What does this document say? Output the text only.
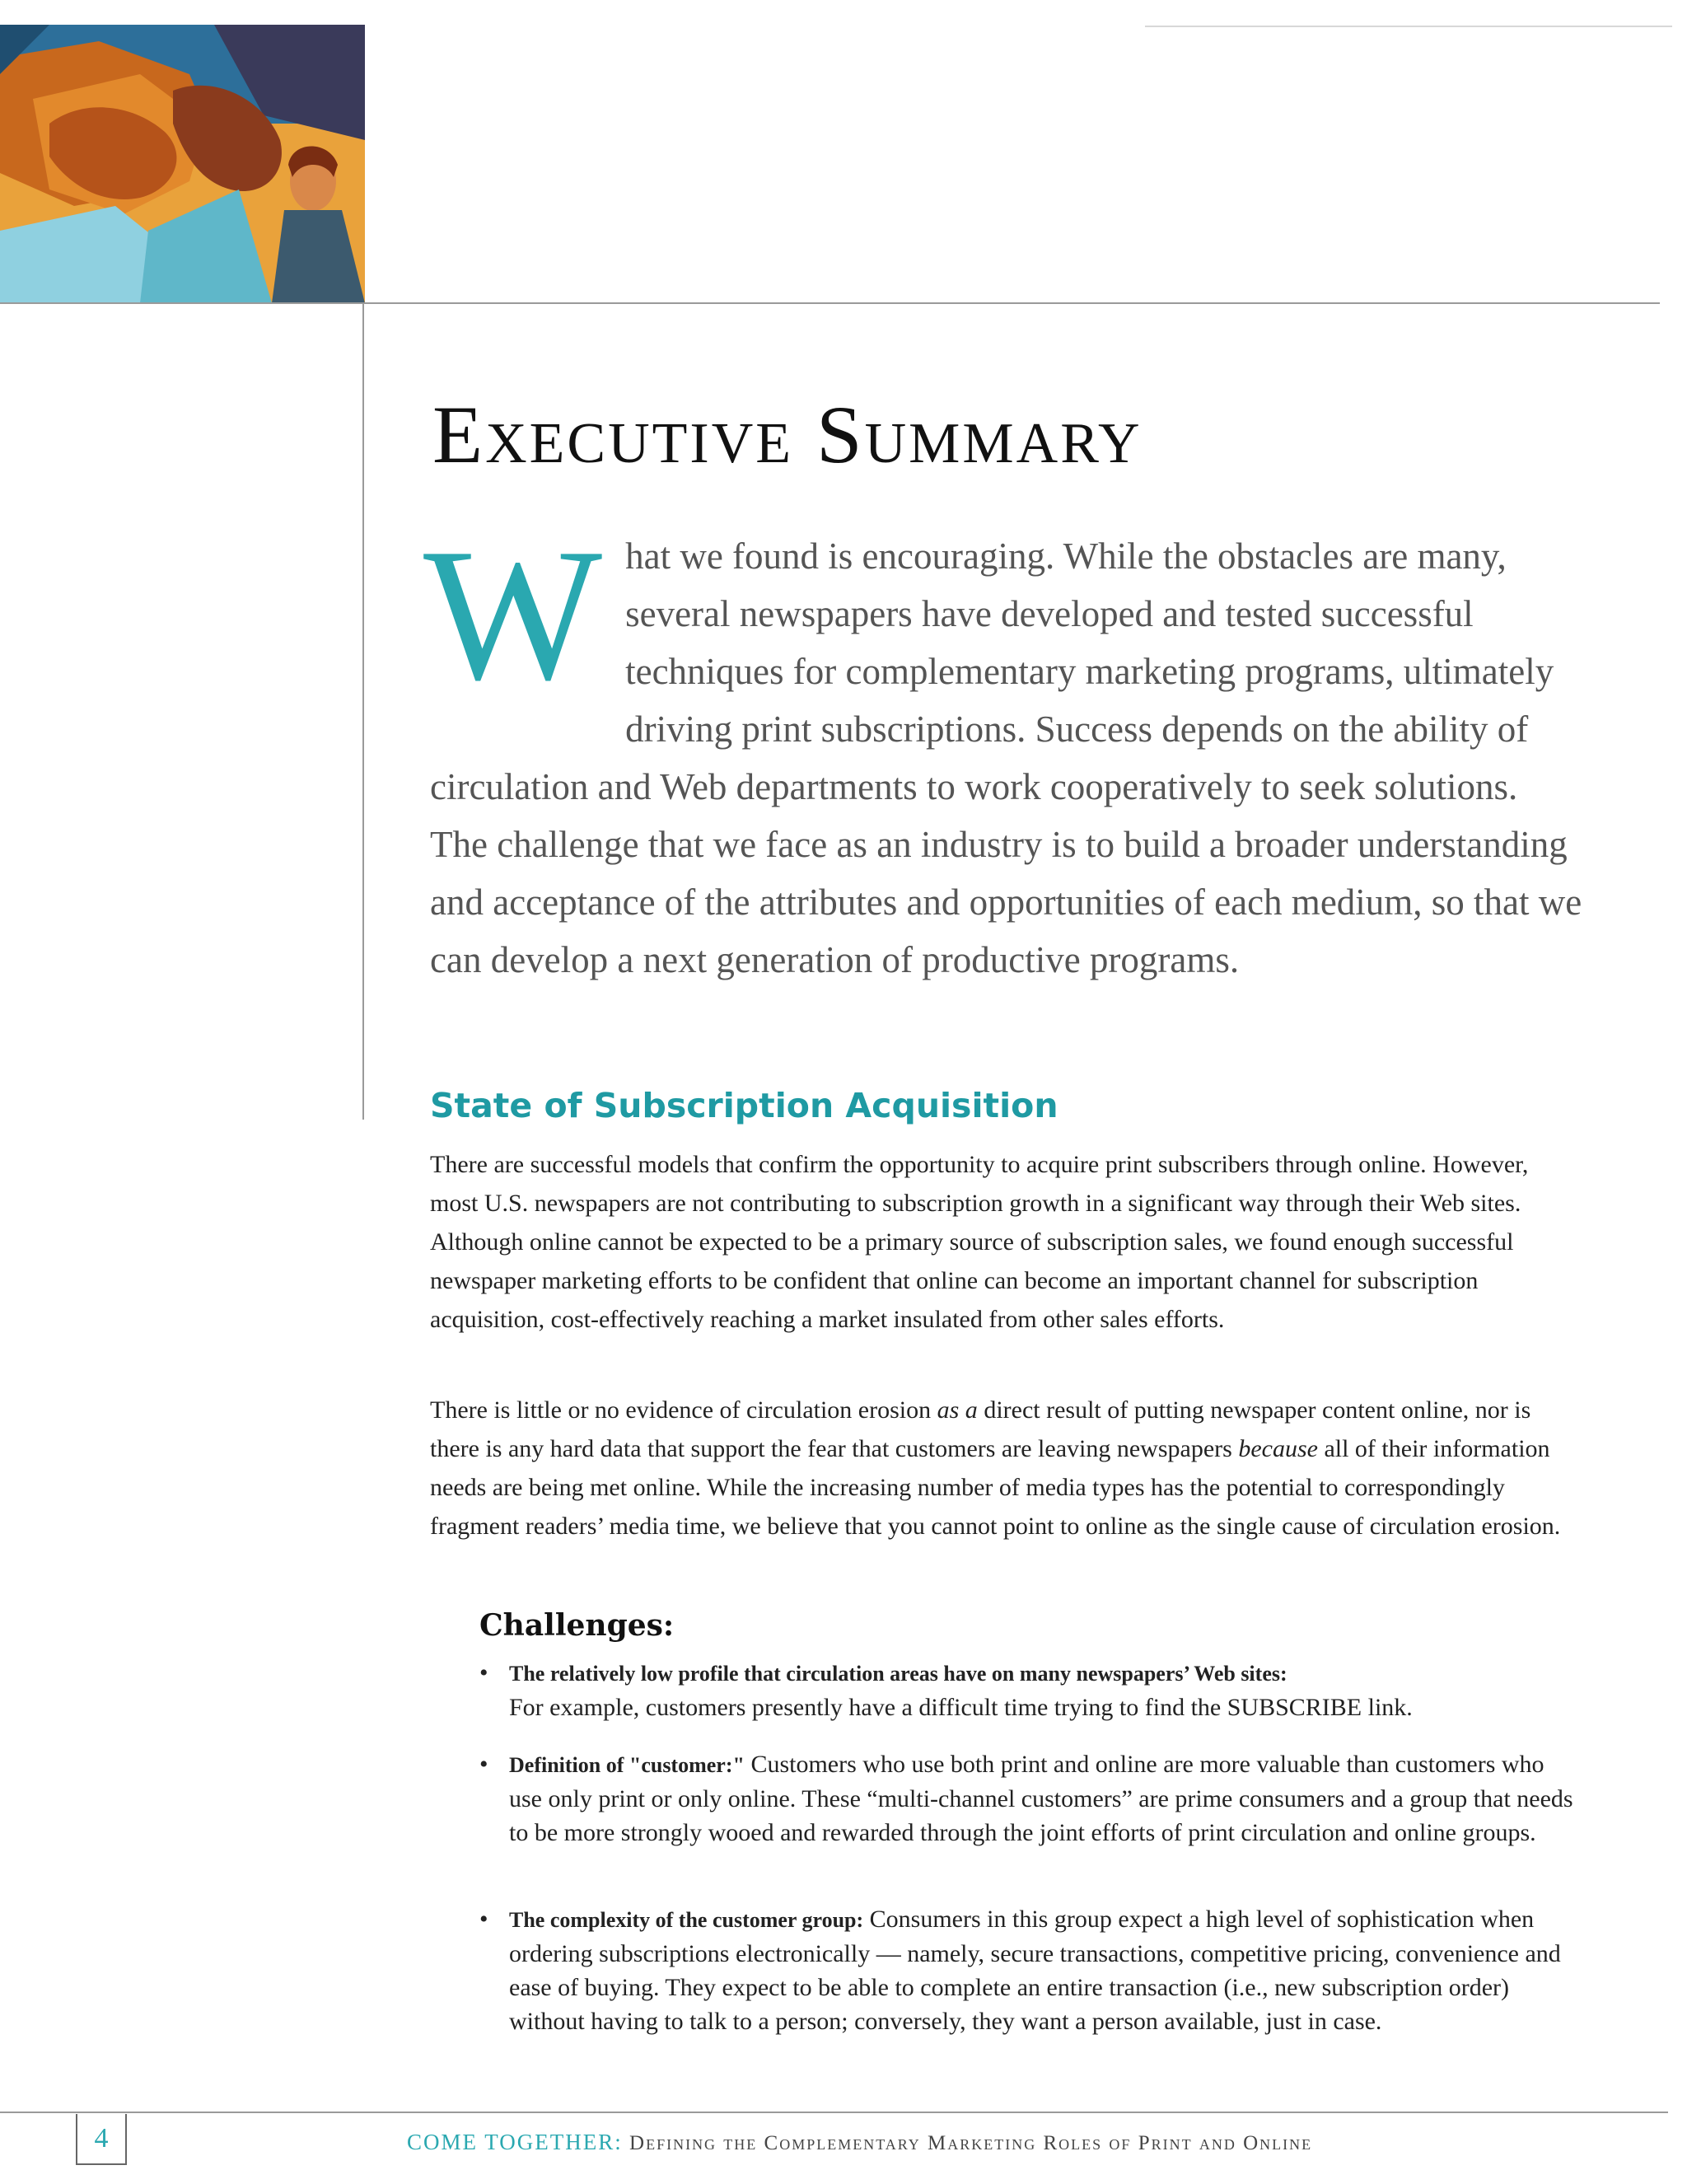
Executive Summary
W hat we found is encouraging. While the obstacles are many, several newspapers have developed and tested successful techniques for complementary marketing programs, ultimately driving print subscriptions. Success depends on the ability of circulation and Web departments to work cooperatively to seek solutions. The challenge that we face as an industry is to build a broader understanding and acceptance of the attributes and opportunities of each medium, so that we can develop a next generation of productive programs.
State of Subscription Acquisition

There are successful models that confirm the opportunity to acquire print subscribers through online. However, most U.S. newspapers are not contributing to subscription growth in a significant way through their Web sites. Although online cannot be expected to be a primary source of subscription sales, we found enough successful newspaper marketing efforts to be confident that online can become an important channel for subscription acquisition, cost-effectively reaching a market insulated from other sales efforts.

There is little or no evidence of circulation erosion as a direct result of putting newspaper content online, nor is there is any hard data that support the fear that customers are leaving newspapers because all of their information needs are being met online. While the increasing number of media types has the potential to correspondingly fragment readers’ media time, we believe that you cannot point to online as the single cause of circulation erosion.

Challenges:
• The relatively low profile that circulation areas have on many newspapers’ Web sites:
For example, customers presently have a difficult time trying to find the SUBSCRIBE link.
• Definition of "customer:" Customers who use both print and online are more valuable than customers who use only print or only online. These “multi-channel customers” are prime consumers and a group that needs to be more strongly wooed and rewarded through the joint efforts of print circulation and online groups.
• The complexity of the customer group: Consumers in this group expect a high level of sophistication when ordering subscriptions electronically — namely, secure transactions, competitive pricing, convenience and ease of buying. They expect to be able to complete an entire transaction (i.e., new subscription order) without having to talk to a person; conversely, they want a person available, just in case.
4	COME TOGETHER: Defining the Complementary Marketing Roles of Print and Online
